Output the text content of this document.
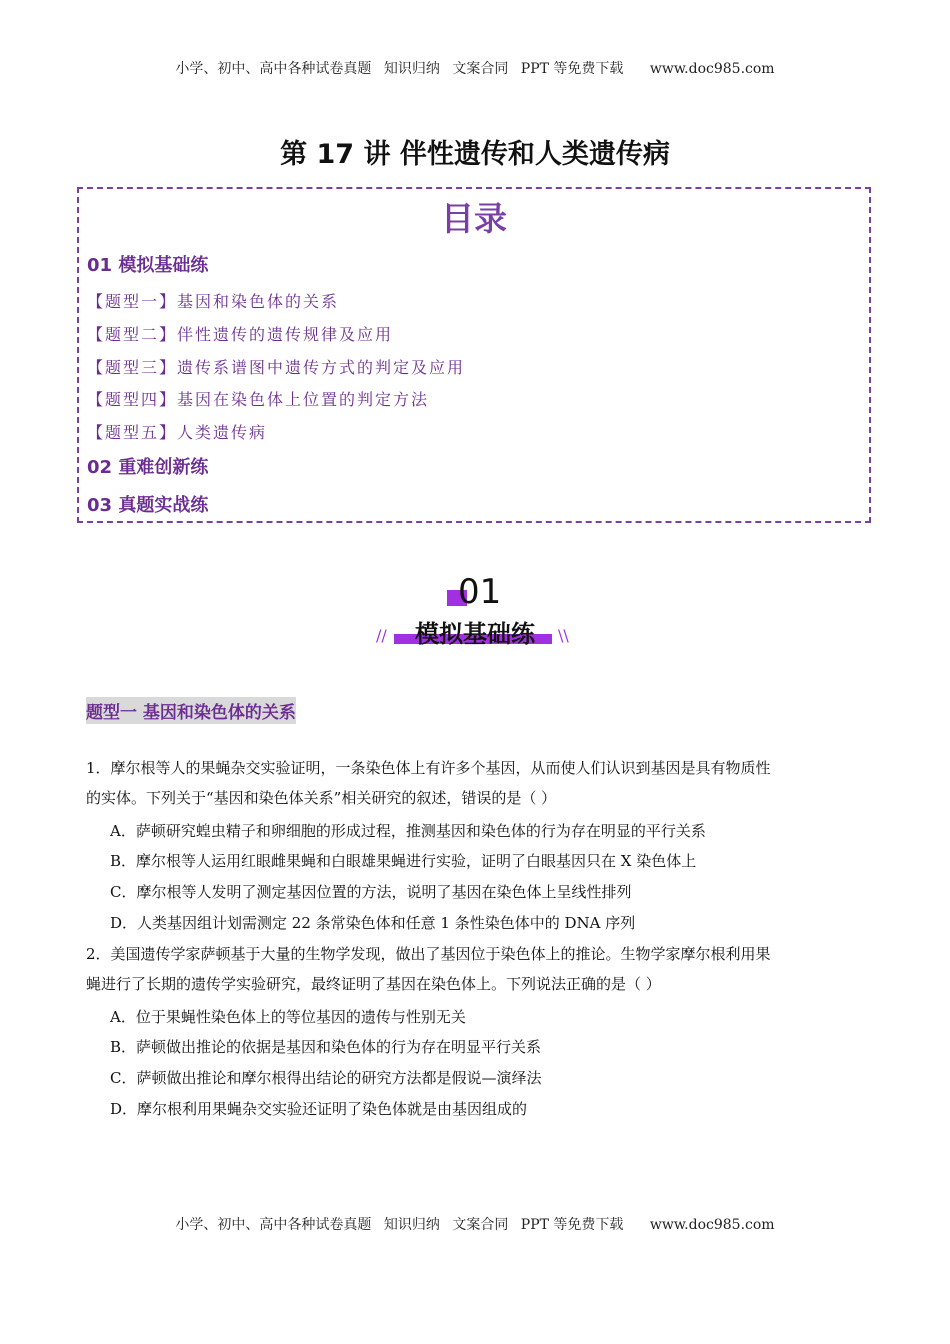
小学、初中、高中各种试卷真题 知识归纳 文案合同 PPT 等免费下载 www.doc985.com
第 17 讲 伴性遗传和人类遗传病
目录
01 模拟基础练
【题型一】基因和染色体的关系
【题型二】伴性遗传的遗传规律及应用
【题型三】遗传系谱图中遗传方式的判定及应用
【题型四】基因在染色体上位置的判定方法
【题型五】人类遗传病
02 重难创新练
03 真题实战练
01
模拟基础练
//	\\
题型一 基因和染色体的关系
1．摩尔根等人的果蝇杂交实验证明，一条染色体上有许多个基因，从而使人们认识到基因是具有物质性
的实体。下列关于“基因和染色体关系”相关研究的叙述，错误的是（ ）
A．萨顿研究蝗虫精子和卵细胞的形成过程，推测基因和染色体的行为存在明显的平行关系
B．摩尔根等人运用红眼雌果蝇和白眼雄果蝇进行实验，证明了白眼基因只在 X 染色体上
C．摩尔根等人发明了测定基因位置的方法，说明了基因在染色体上呈线性排列
D．人类基因组计划需测定 22 条常染色体和任意 1 条性染色体中的 DNA 序列
2．美国遗传学家萨顿基于大量的生物学发现，做出了基因位于染色体上的推论。生物学家摩尔根利用果
蝇进行了长期的遗传学实验研究，最终证明了基因在染色体上。下列说法正确的是（ ）
A．位于果蝇性染色体上的等位基因的遗传与性别无关
B．萨顿做出推论的依据是基因和染色体的行为存在明显平行关系
C．萨顿做出推论和摩尔根得出结论的研究方法都是假说—演绎法
D．摩尔根利用果蝇杂交实验还证明了染色体就是由基因组成的
小学、初中、高中各种试卷真题 知识归纳 文案合同 PPT 等免费下载 www.doc985.com
